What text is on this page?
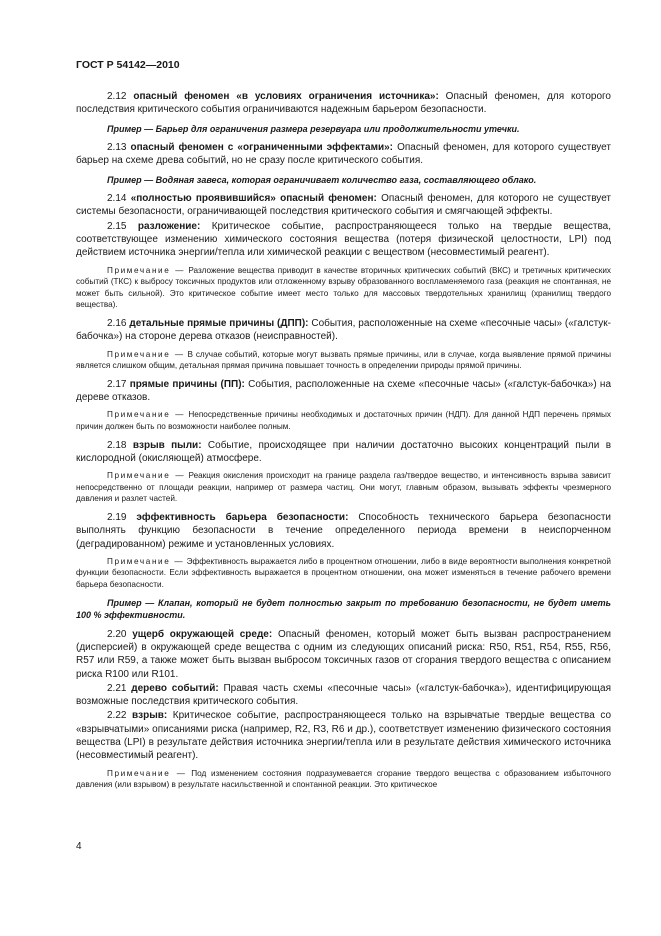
ГОСТ Р 54142—2010

2.12 опасный феномен «в условиях ограничения источника»: Опасный феномен, для которого последствия критического события ограничиваются надежным барьером безопасности.

Пример — Барьер для ограничения размера резервуара или продолжительности утечки.

2.13 опасный феномен с «ограниченными эффектами»: Опасный феномен, для которого существует барьер на схеме древа событий, но не сразу после критического события.

Пример — Водяная завеса, которая ограничивает количество газа, составляющего облако.

2.14 «полностью проявившийся» опасный феномен: Опасный феномен, для которого не существует системы безопасности, ограничивающей последствия критического события и смягчающей эффекты.

2.15 разложение: Критическое событие, распространяющееся только на твердые вещества, соответствующее изменению химического состояния вещества (потеря физической целостности, LPI) под действием источника энергии/тепла или химической реакции с веществом (несовместимый реагент).

Примечание — Разложение вещества приводит в качестве вторичных критических событий (ВКС) и третичных критических событий (ТКС) к выбросу токсичных продуктов или отложенному взрыву образованного воспламеняемого газа (реакция не спонтанная, не может быть сильной). Это критическое событие имеет место только для массовых твердотельных хранилищ (хранилищ твердого вещества).

2.16 детальные прямые причины (ДПП): События, расположенные на схеме «песочные часы» («галстук-бабочка») на стороне дерева отказов (неисправностей).

Примечание — В случае событий, которые могут вызвать прямые причины, или в случае, когда выявление прямой причины является слишком общим, детальная прямая причина повышает точность в определении природы прямой причины.

2.17 прямые причины (ПП): События, расположенные на схеме «песочные часы» («галстук-бабочка») на дереве отказов.

Примечание — Непосредственные причины необходимых и достаточных причин (НДП). Для данной НДП перечень прямых причин должен быть по возможности наиболее полным.

2.18 взрыв пыли: Событие, происходящее при наличии достаточно высоких концентраций пыли в кислородной (окисляющей) атмосфере.

Примечание — Реакция окисления происходит на границе раздела газ/твердое вещество, и интенсивность взрыва зависит непосредственно от площади реакции, например от размера частиц. Они могут, главным образом, вызывать эффекты чрезмерного давления и разлет частей.

2.19 эффективность барьера безопасности: Способность технического барьера безопасности выполнять функцию безопасности в течение определенного периода времени в неиспорченном (деградированном) режиме и установленных условиях.

Примечание — Эффективность выражается либо в процентном отношении, либо в виде вероятности выполнения конкретной функции безопасности. Если эффективность выражается в процентном отношении, она может изменяться в течение рабочего времени барьера безопасности.

Пример — Клапан, который не будет полностью закрыт по требованию безопасности, не будет иметь 100 % эффективности.

2.20 ущерб окружающей среде: Опасный феномен, который может быть вызван распространением (дисперсией) в окружающей среде вещества с одним из следующих описаний риска: R50, R51, R54, R55, R56, R57 или R59, а также может быть вызван выбросом токсичных газов от сгорания твердого вещества с описанием риска R100 или R101.

2.21 дерево событий: Правая часть схемы «песочные часы» («галстук-бабочка»), идентифицирующая возможные последствия критического события.

2.22 взрыв: Критическое событие, распространяющееся только на взрывчатые твердые вещества со «взрывчатыми» описаниями риска (например, R2, R3, R6 и др.), соответствует изменению физического состояния вещества (LPI) в результате действия источника энергии/тепла или в результате действия химического источника (несовместимый реагент).

Примечание — Под изменением состояния подразумевается сгорание твердого вещества с образованием избыточного давления (или взрывом) в результате насильственной и спонтанной реакции. Это критическое

4
